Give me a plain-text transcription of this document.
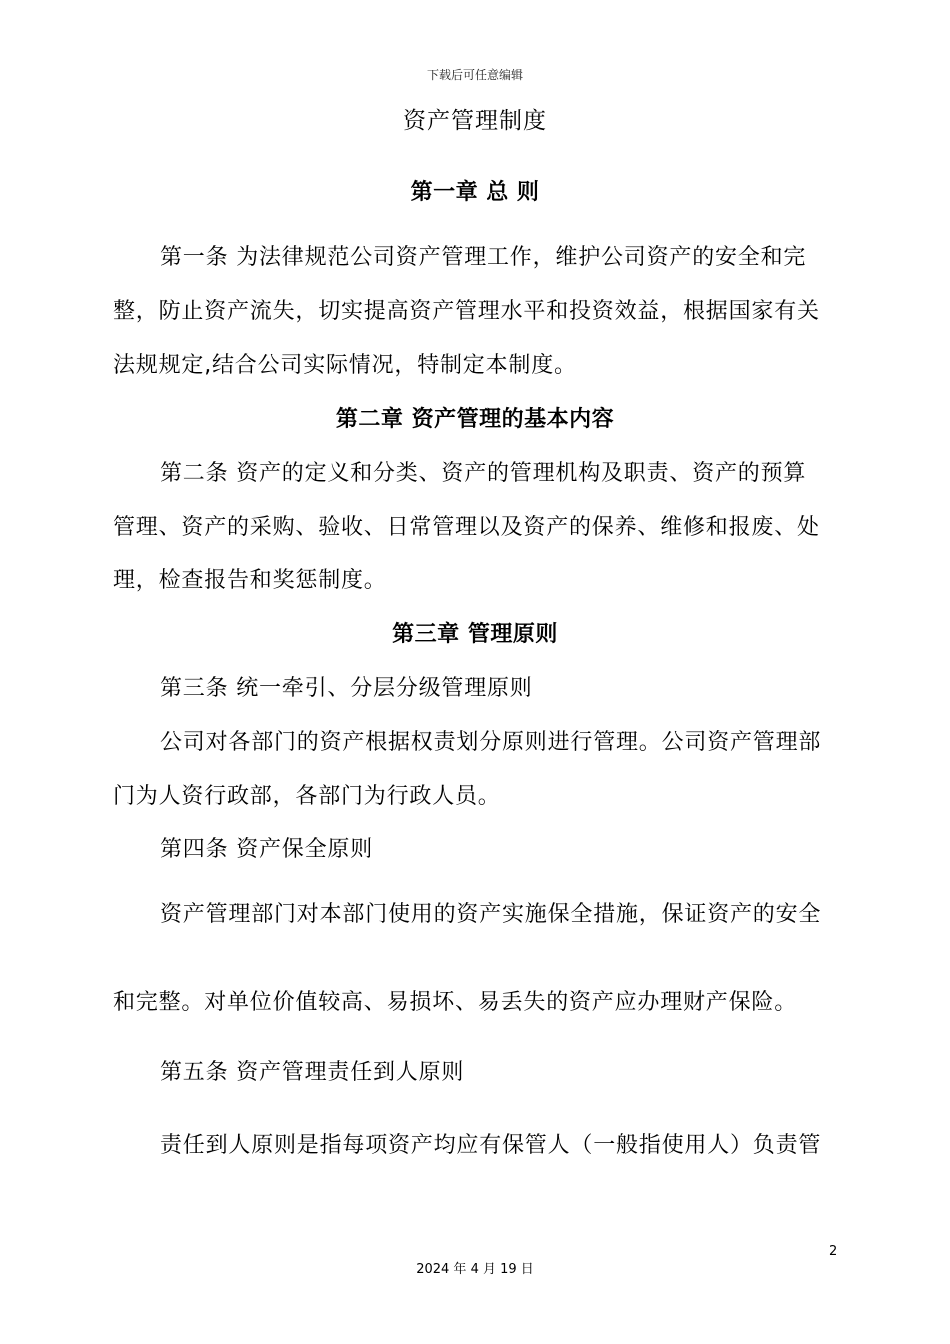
下载后可任意编辑
资产管理制度
第一章 总 则
第一条 为法律规范公司资产管理工作，维护公司资产的安全和完
整，防止资产流失，切实提高资产管理水平和投资效益，根据国家有关
法规规定,结合公司实际情况，特制定本制度。
第二章 资产管理的基本内容
第二条 资产的定义和分类、资产的管理机构及职责、资产的预算
管理、资产的采购、验收、日常管理以及资产的保养、维修和报废、处
理，检查报告和奖惩制度。
第三章 管理原则
第三条 统一牵引、分层分级管理原则
公司对各部门的资产根据权责划分原则进行管理。公司资产管理部
门为人资行政部，各部门为行政人员。
第四条 资产保全原则
资产管理部门对本部门使用的资产实施保全措施，保证资产的安全
和完整。对单位价值较高、易损坏、易丢失的资产应办理财产保险。
第五条 资产管理责任到人原则
责任到人原则是指每项资产均应有保管人（一般指使用人）负责管
2
2024 年 4 月 19 日
